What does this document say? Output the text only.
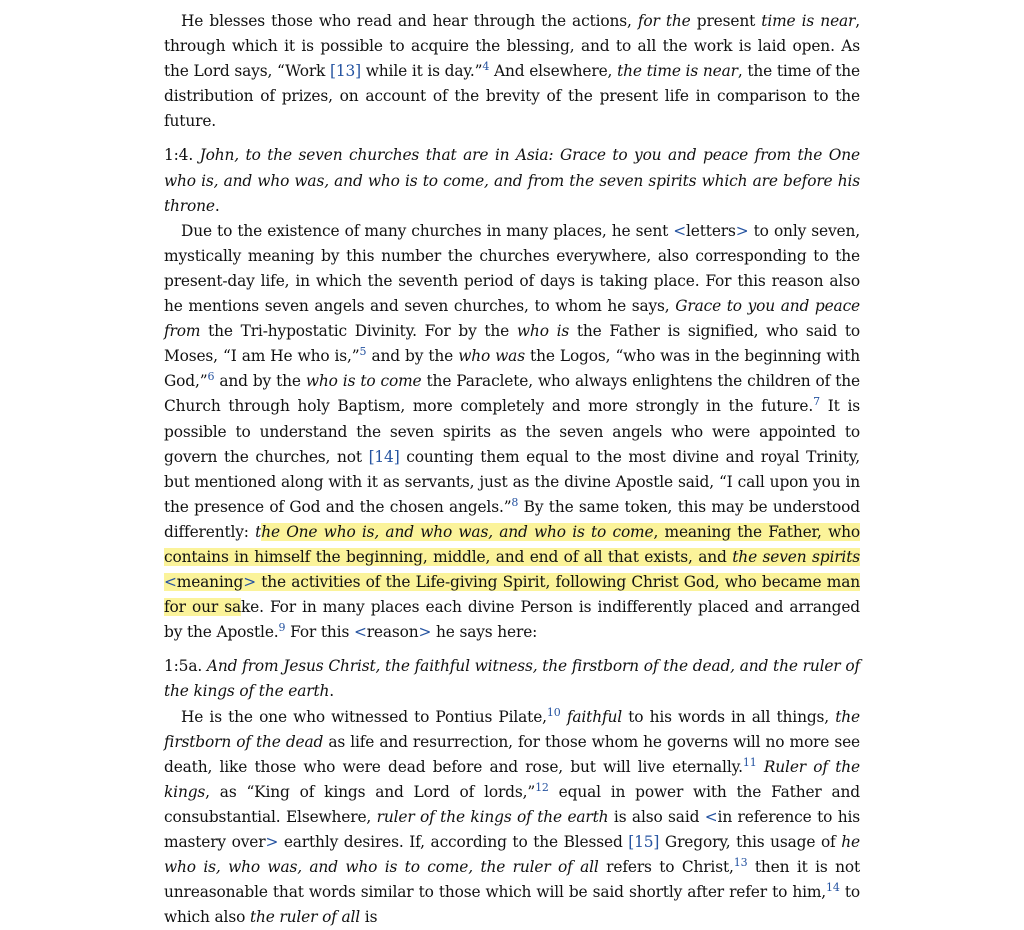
He blesses those who read and hear through the actions, for the present time is near, through which it is possible to acquire the blessing, and to all the work is laid open. As the Lord says, “Work [13] while it is day.”$^4$ And elsewhere, the time is near, the time of the distribution of prizes, on account of the brevity of the present life in comparison to the future.

1:4. John, to the seven churches that are in Asia: Grace to you and peace from the One who is, and who was, and who is to come, and from the seven spirits which are before his throne.

Due to the existence of many churches in many places, he sent <letters> to only seven, mystically meaning by this number the churches everywhere, also corresponding to the present-day life, in which the seventh period of days is taking place. For this reason also he mentions seven angels and seven churches, to whom he says, Grace to you and peace from the Tri-hypostatic Divinity. For by the who is the Father is signified, who said to Moses, “I am He who is,”$^5$ and by the who was the Logos, “who was in the beginning with God,”$^6$ and by the who is to come the Paraclete, who always enlightens the children of the Church through holy Baptism, more completely and more strongly in the future.$^7$ It is possible to understand the seven spirits as the seven angels who were appointed to govern the churches, not [14] counting them equal to the most divine and royal Trinity, but mentioned along with it as servants, just as the divine Apostle said, “I call upon you in the presence of God and the chosen angels.”$^8$ By the same token, this may be understood differently: the One who is, and who was, and who is to come, meaning the Father, who contains in himself the beginning, middle, and end of all that exists, and the seven spirits <meaning> the activities of the Life-giving Spirit, following Christ God, who became man for our sake. For in many places each divine Person is indifferently placed and arranged by the Apostle.$^9$ For this <reason> he says here:

1:5a. And from Jesus Christ, the faithful witness, the firstborn of the dead, and the ruler of the kings of the earth.

He is the one who witnessed to Pontius Pilate,$^{10}$ faithful to his words in all things, the firstborn of the dead as life and resurrection, for those whom he governs will no more see death, like those who were dead before and rose, but will live eternally.$^{11}$ Ruler of the kings, as “King of kings and Lord of lords,”$^{12}$ equal in power with the Father and consubstantial. Elsewhere, ruler of the kings of the earth is also said <in reference to his mastery over> earthly desires. If, according to the Blessed [15] Gregory, this usage of he who is, who was, and who is to come, the ruler of all refers to Christ,$^{13}$ then it is not unreasonable that words similar to those which will be said shortly after refer to him,$^{14}$ to which also the ruler of all is
